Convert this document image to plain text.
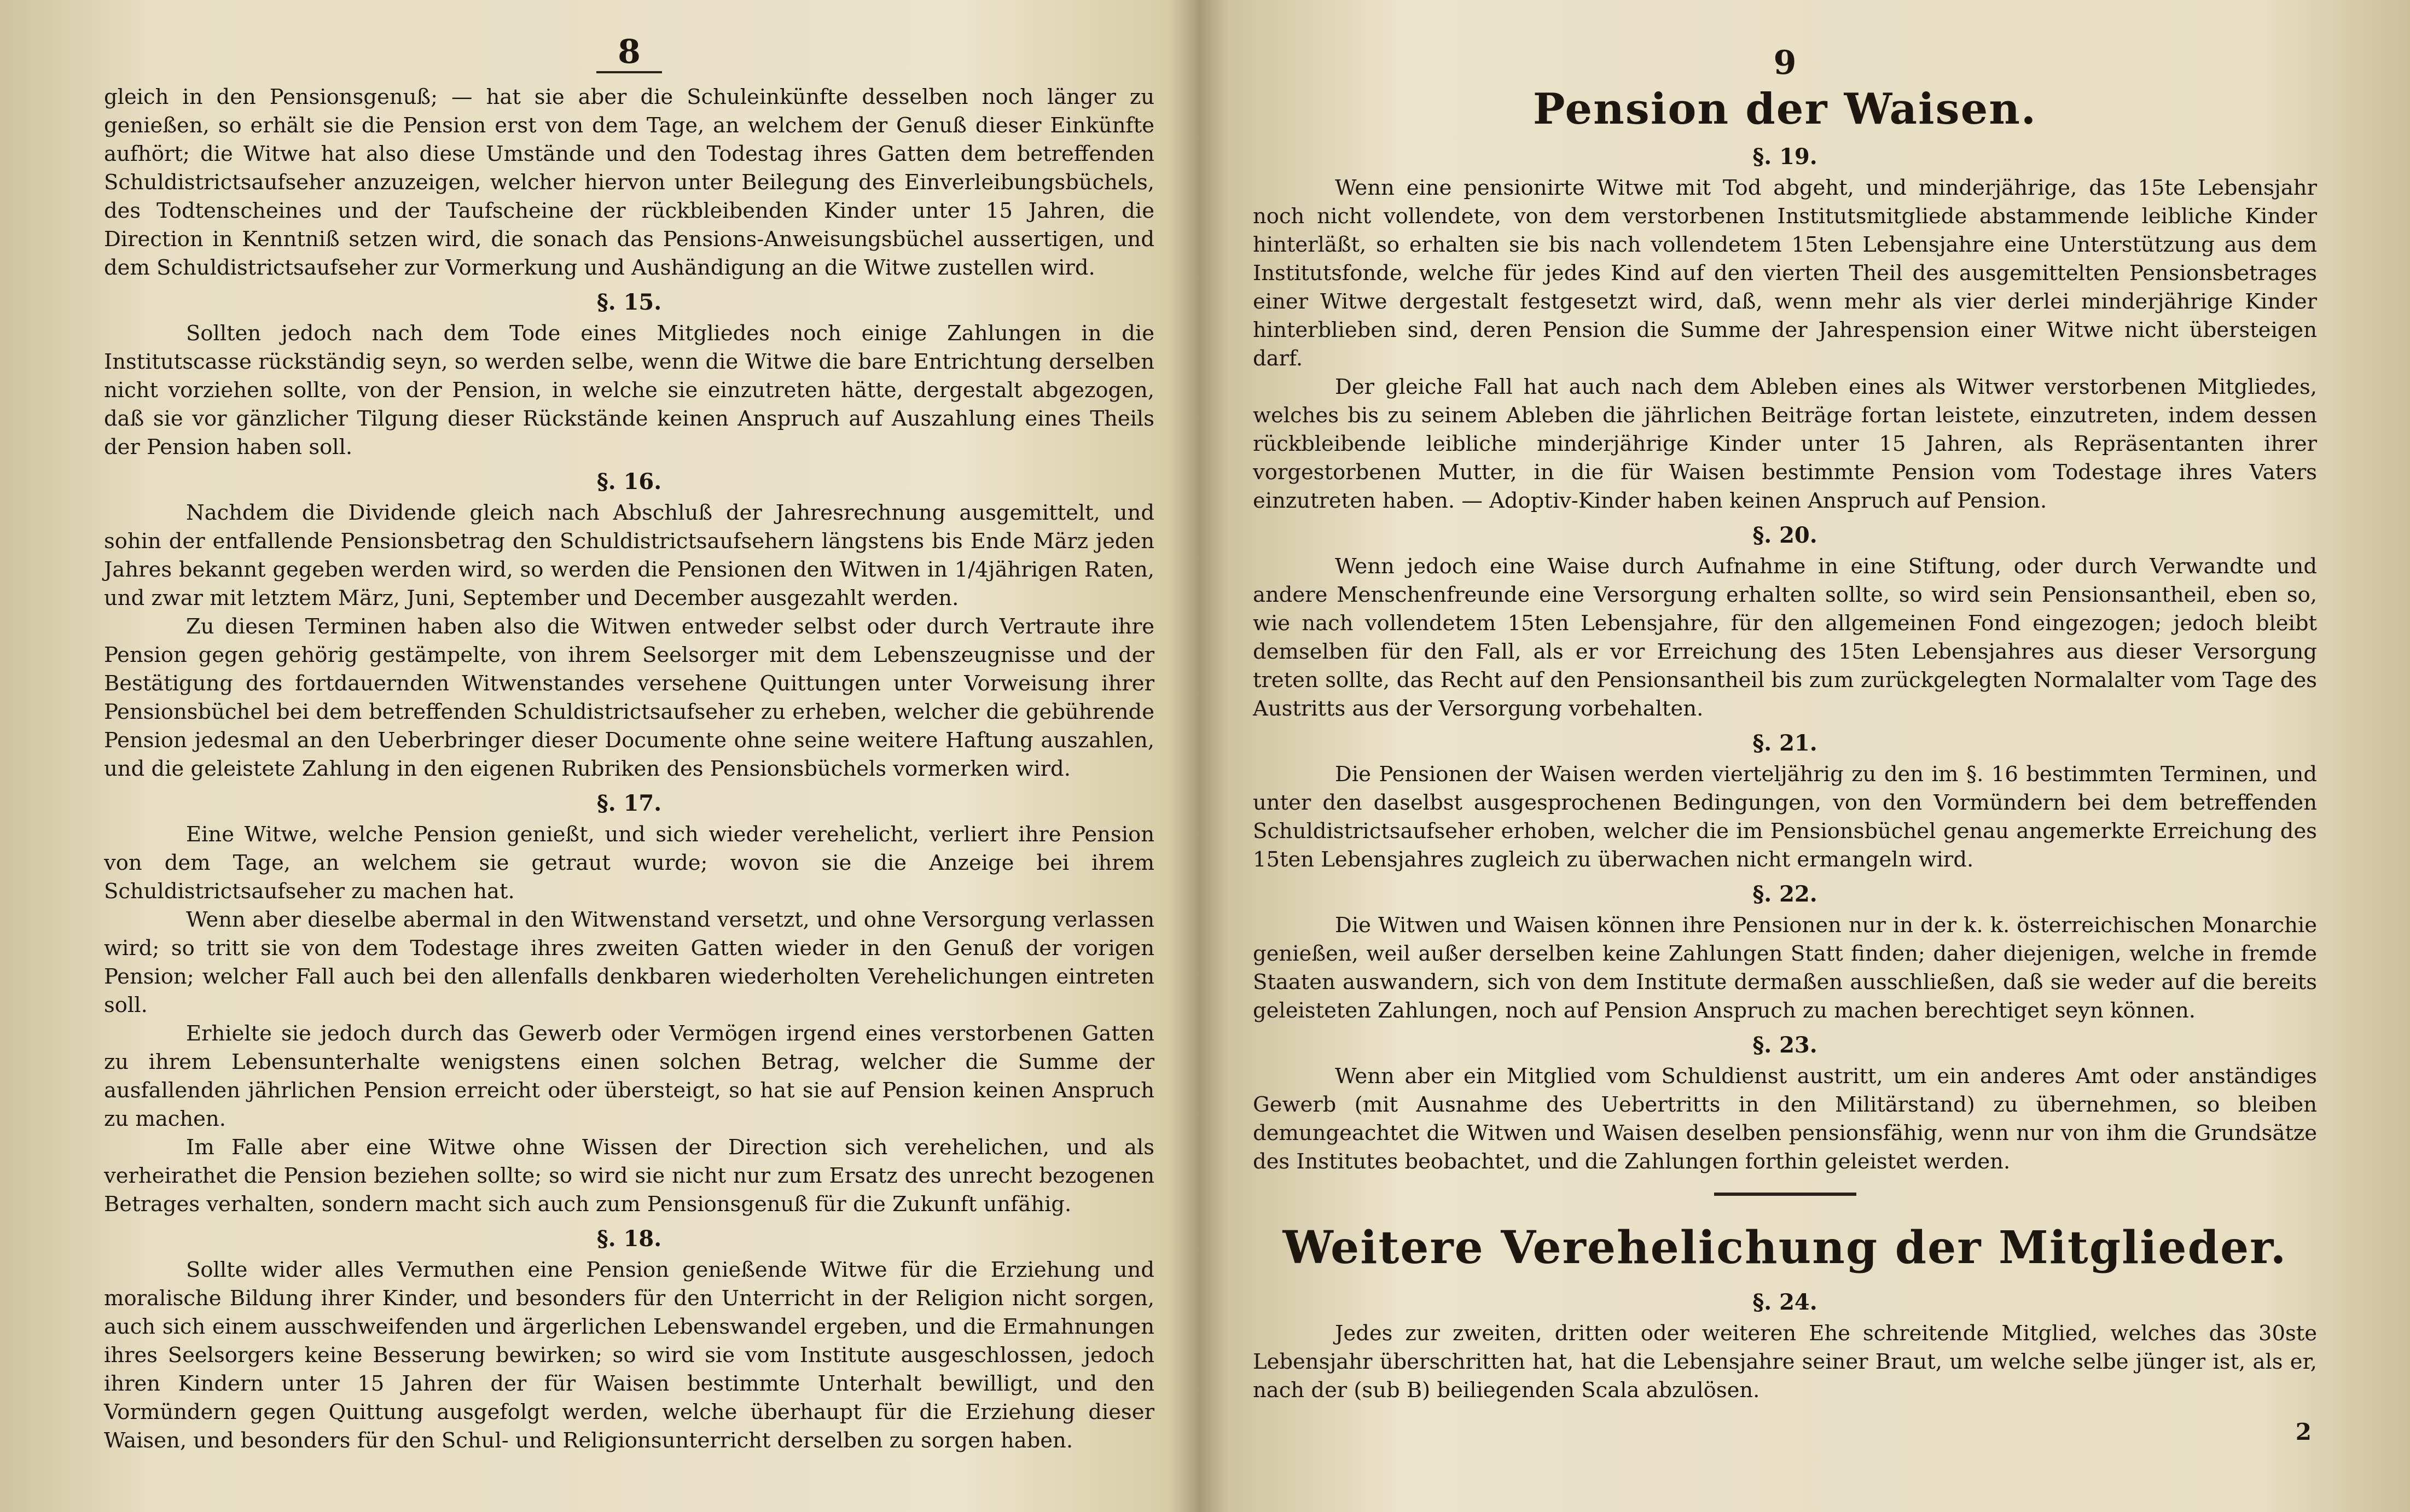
8

gleich in den Pensionsgenuß; — hat sie aber die Schuleinkünfte desselben noch länger zu genießen, so erhält sie die Pension erst von dem Tage, an welchem der Genuß dieser Einkünfte aufhört; die Witwe hat also diese Umstände und den Todestag ihres Gatten dem betreffenden Schuldistrictsaufseher anzuzeigen, welcher hiervon unter Beilegung des Einverleibungsbüchels, des Todtenscheines und der Taufscheine der rückbleibenden Kinder unter 15 Jahren, die Direction in Kenntniß setzen wird, die sonach das Pensions-Anweisungsbüchel aussertigen, und dem Schuldistrictsaufseher zur Vormerkung und Aushändigung an die Witwe zustellen wird.

§. 15.

Sollten jedoch nach dem Tode eines Mitgliedes noch einige Zahlungen in die Institutscasse rückständig seyn, so werden selbe, wenn die Witwe die bare Entrichtung derselben nicht vorziehen sollte, von der Pension, in welche sie einzutreten hätte, dergestalt abgezogen, daß sie vor gänzlicher Tilgung dieser Rückstände keinen Anspruch auf Auszahlung eines Theils der Pension haben soll.

§. 16.

Nachdem die Dividende gleich nach Abschluß der Jahresrechnung ausgemittelt, und sohin der entfallende Pensionsbetrag den Schuldistrictsaufsehern längstens bis Ende März jeden Jahres bekannt gegeben werden wird, so werden die Pensionen den Witwen in 1/4jährigen Raten, und zwar mit letztem März, Juni, September und December ausgezahlt werden.

Zu diesen Terminen haben also die Witwen entweder selbst oder durch Vertraute ihre Pension gegen gehörig gestämpelte, von ihrem Seelsorger mit dem Lebenszeugnisse und der Bestätigung des fortdauernden Witwenstandes versehene Quittungen unter Vorweisung ihrer Pensionsbüchel bei dem betreffenden Schuldistrictsaufseher zu erheben, welcher die gebührende Pension jedesmal an den Ueberbringer dieser Documente ohne seine weitere Haftung auszahlen, und die geleistete Zahlung in den eigenen Rubriken des Pensionsbüchels vormerken wird.

§. 17.

Eine Witwe, welche Pension genießt, und sich wieder verehelicht, verliert ihre Pension von dem Tage, an welchem sie getraut wurde; wovon sie die Anzeige bei ihrem Schuldistrictsaufseher zu machen hat.

Wenn aber dieselbe abermal in den Witwenstand versetzt, und ohne Versorgung verlassen wird; so tritt sie von dem Todestage ihres zweiten Gatten wieder in den Genuß der vorigen Pension; welcher Fall auch bei den allenfalls denkbaren wiederholten Verehelichungen eintreten soll.

Erhielte sie jedoch durch das Gewerb oder Vermögen irgend eines verstorbenen Gatten zu ihrem Lebensunterhalte wenigstens einen solchen Betrag, welcher die Summe der ausfallenden jährlichen Pension erreicht oder übersteigt, so hat sie auf Pension keinen Anspruch zu machen.

Im Falle aber eine Witwe ohne Wissen der Direction sich verehelichen, und als verheirathet die Pension beziehen sollte; so wird sie nicht nur zum Ersatz des unrecht bezogenen Betrages verhalten, sondern macht sich auch zum Pensionsgenuß für die Zukunft unfähig.

§. 18.

Sollte wider alles Vermuthen eine Pension genießende Witwe für die Erziehung und moralische Bildung ihrer Kinder, und besonders für den Unterricht in der Religion nicht sorgen, auch sich einem ausschweifenden und ärgerlichen Lebenswandel ergeben, und die Ermahnungen ihres Seelsorgers keine Besserung bewirken; so wird sie vom Institute ausgeschlossen, jedoch ihren Kindern unter 15 Jahren der für Waisen bestimmte Unterhalt bewilligt, und den Vormündern gegen Quittung ausgefolgt werden, welche überhaupt für die Erziehung dieser Waisen, und besonders für den Schul- und Religionsunterricht derselben zu sorgen haben.

9

Pension der Waisen.
§. 19.

Wenn eine pensionirte Witwe mit Tod abgeht, und minderjährige, das 15te Lebensjahr noch nicht vollendete, von dem verstorbenen Institutsmitgliede abstammende leibliche Kinder hinterläßt, so erhalten sie bis nach vollendetem 15ten Lebensjahre eine Unterstützung aus dem Institutsfonde, welche für jedes Kind auf den vierten Theil des ausgemittelten Pensionsbetrages einer Witwe dergestalt festgesetzt wird, daß, wenn mehr als vier derlei minderjährige Kinder hinterblieben sind, deren Pension die Summe der Jahrespension einer Witwe nicht übersteigen darf.

Der gleiche Fall hat auch nach dem Ableben eines als Witwer verstorbenen Mitgliedes, welches bis zu seinem Ableben die jährlichen Beiträge fortan leistete, einzutreten, indem dessen rückbleibende leibliche minderjährige Kinder unter 15 Jahren, als Repräsentanten ihrer vorgestorbenen Mutter, in die für Waisen bestimmte Pension vom Todestage ihres Vaters einzutreten haben. — Adoptiv-Kinder haben keinen Anspruch auf Pension.

§. 20.

Wenn jedoch eine Waise durch Aufnahme in eine Stiftung, oder durch Verwandte und andere Menschenfreunde eine Versorgung erhalten sollte, so wird sein Pensionsantheil, eben so, wie nach vollendetem 15ten Lebensjahre, für den allgemeinen Fond eingezogen; jedoch bleibt demselben für den Fall, als er vor Erreichung des 15ten Lebensjahres aus dieser Versorgung treten sollte, das Recht auf den Pensionsantheil bis zum zurückgelegten Normalalter vom Tage des Austritts aus der Versorgung vorbehalten.

§. 21.

Die Pensionen der Waisen werden vierteljährig zu den im §. 16 bestimmten Terminen, und unter den daselbst ausgesprochenen Bedingungen, von den Vormündern bei dem betreffenden Schuldistrictsaufseher erhoben, welcher die im Pensionsbüchel genau angemerkte Erreichung des 15ten Lebensjahres zugleich zu überwachen nicht ermangeln wird.

§. 22.

Die Witwen und Waisen können ihre Pensionen nur in der k. k. österreichischen Monarchie genießen, weil außer derselben keine Zahlungen Statt finden; daher diejenigen, welche in fremde Staaten auswandern, sich von dem Institute dermaßen ausschließen, daß sie weder auf die bereits geleisteten Zahlungen, noch auf Pension Anspruch zu machen berechtiget seyn können.

§. 23.

Wenn aber ein Mitglied vom Schuldienst austritt, um ein anderes Amt oder anständiges Gewerb (mit Ausnahme des Uebertritts in den Militärstand) zu übernehmen, so bleiben demungeachtet die Witwen und Waisen deselben pensionsfähig, wenn nur von ihm die Grundsätze des Institutes beobachtet, und die Zahlungen forthin geleistet werden.

Weitere Verehelichung der Mitglieder.
§. 24.

Jedes zur zweiten, dritten oder weiteren Ehe schreitende Mitglied, welches das 30ste Lebensjahr überschritten hat, hat die Lebensjahre seiner Braut, um welche selbe jünger ist, als er, nach der (sub B) beiliegenden Scala abzulösen.

2
